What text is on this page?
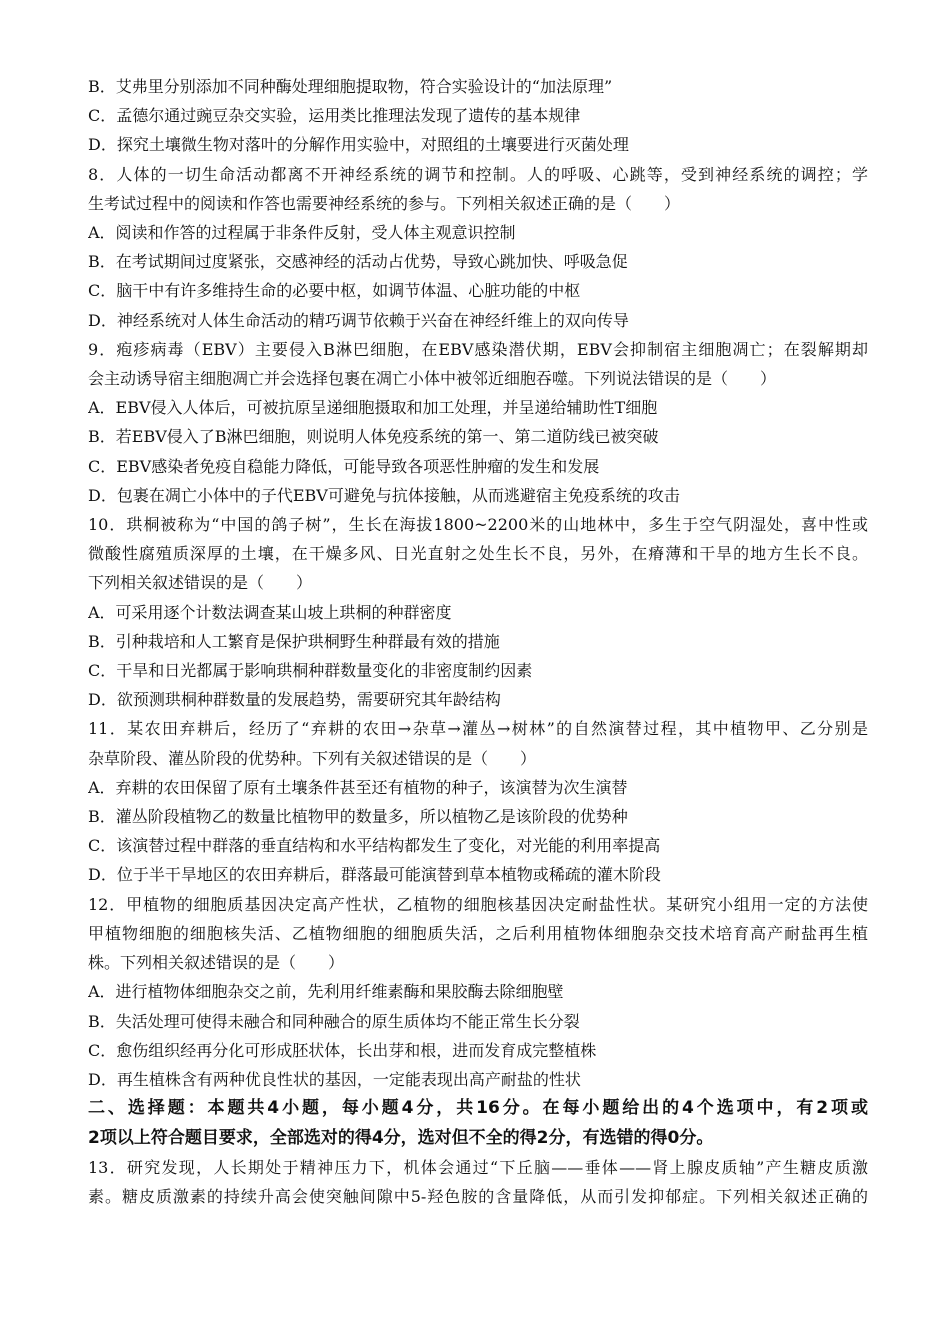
B．艾弗里分别添加不同种酶处理细胞提取物，符合实验设计的“加法原理”
C．孟德尔通过豌豆杂交实验，运用类比推理法发现了遗传的基本规律
D．探究土壤微生物对落叶的分解作用实验中，对照组的土壤要进行灭菌处理
8．人体的一切生命活动都离不开神经系统的调节和控制。人的呼吸、心跳等，受到神经系统的调控；学
生考试过程中的阅读和作答也需要神经系统的参与。下列相关叙述正确的是（　　）
A．阅读和作答的过程属于非条件反射，受人体主观意识控制
B．在考试期间过度紧张，交感神经的活动占优势，导致心跳加快、呼吸急促
C．脑干中有许多维持生命的必要中枢，如调节体温、心脏功能的中枢
D．神经系统对人体生命活动的精巧调节依赖于兴奋在神经纤维上的双向传导
9．疱疹病毒（EBV）主要侵入B淋巴细胞，在EBV感染潜伏期，EBV会抑制宿主细胞凋亡；在裂解期却
会主动诱导宿主细胞凋亡并会选择包裹在凋亡小体中被邻近细胞吞噬。下列说法错误的是（　　）
A．EBV侵入人体后，可被抗原呈递细胞摄取和加工处理，并呈递给辅助性T细胞
B．若EBV侵入了B淋巴细胞，则说明人体免疫系统的第一、第二道防线已被突破
C．EBV感染者免疫自稳能力降低，可能导致各项恶性肿瘤的发生和发展
D．包裹在凋亡小体中的子代EBV可避免与抗体接触，从而逃避宿主免疫系统的攻击
10．珙桐被称为“中国的鸽子树”，生长在海拔1800~2200米的山地林中，多生于空气阴湿处，喜中性或
微酸性腐殖质深厚的土壤，在干燥多风、日光直射之处生长不良，另外，在瘠薄和干旱的地方生长不良。
下列相关叙述错误的是（　　）
A．可采用逐个计数法调查某山坡上珙桐的种群密度
B．引种栽培和人工繁育是保护珙桐野生种群最有效的措施
C．干旱和日光都属于影响珙桐种群数量变化的非密度制约因素
D．欲预测珙桐种群数量的发展趋势，需要研究其年龄结构
11．某农田弃耕后，经历了“弃耕的农田→杂草→灌丛→树林”的自然演替过程，其中植物甲、乙分别是
杂草阶段、灌丛阶段的优势种。下列有关叙述错误的是（　　）
A．弃耕的农田保留了原有土壤条件甚至还有植物的种子，该演替为次生演替
B．灌丛阶段植物乙的数量比植物甲的数量多，所以植物乙是该阶段的优势种
C．该演替过程中群落的垂直结构和水平结构都发生了变化，对光能的利用率提高
D．位于半干旱地区的农田弃耕后，群落最可能演替到草本植物或稀疏的灌木阶段
12．甲植物的细胞质基因决定高产性状，乙植物的细胞核基因决定耐盐性状。某研究小组用一定的方法使
甲植物细胞的细胞核失活、乙植物细胞的细胞质失活，之后利用植物体细胞杂交技术培育高产耐盐再生植
株。下列相关叙述错误的是（　　）
A．进行植物体细胞杂交之前，先利用纤维素酶和果胶酶去除细胞壁
B．失活处理可使得未融合和同种融合的原生质体均不能正常生长分裂
C．愈伤组织经再分化可形成胚状体，长出芽和根，进而发育成完整植株
D．再生植株含有两种优良性状的基因，一定能表现出高产耐盐的性状
二、选择题：本题共4小题，每小题4分，共16分。在每小题给出的4个选项中，有2项或
2项以上符合题目要求，全部选对的得4分，选对但不全的得2分，有选错的得0分。
13．研究发现，人长期处于精神压力下，机体会通过“下丘脑——垂体——肾上腺皮质轴”产生糖皮质激
素。糖皮质激素的持续升高会使突触间隙中5-羟色胺的含量降低，从而引发抑郁症。下列相关叙述正确的
